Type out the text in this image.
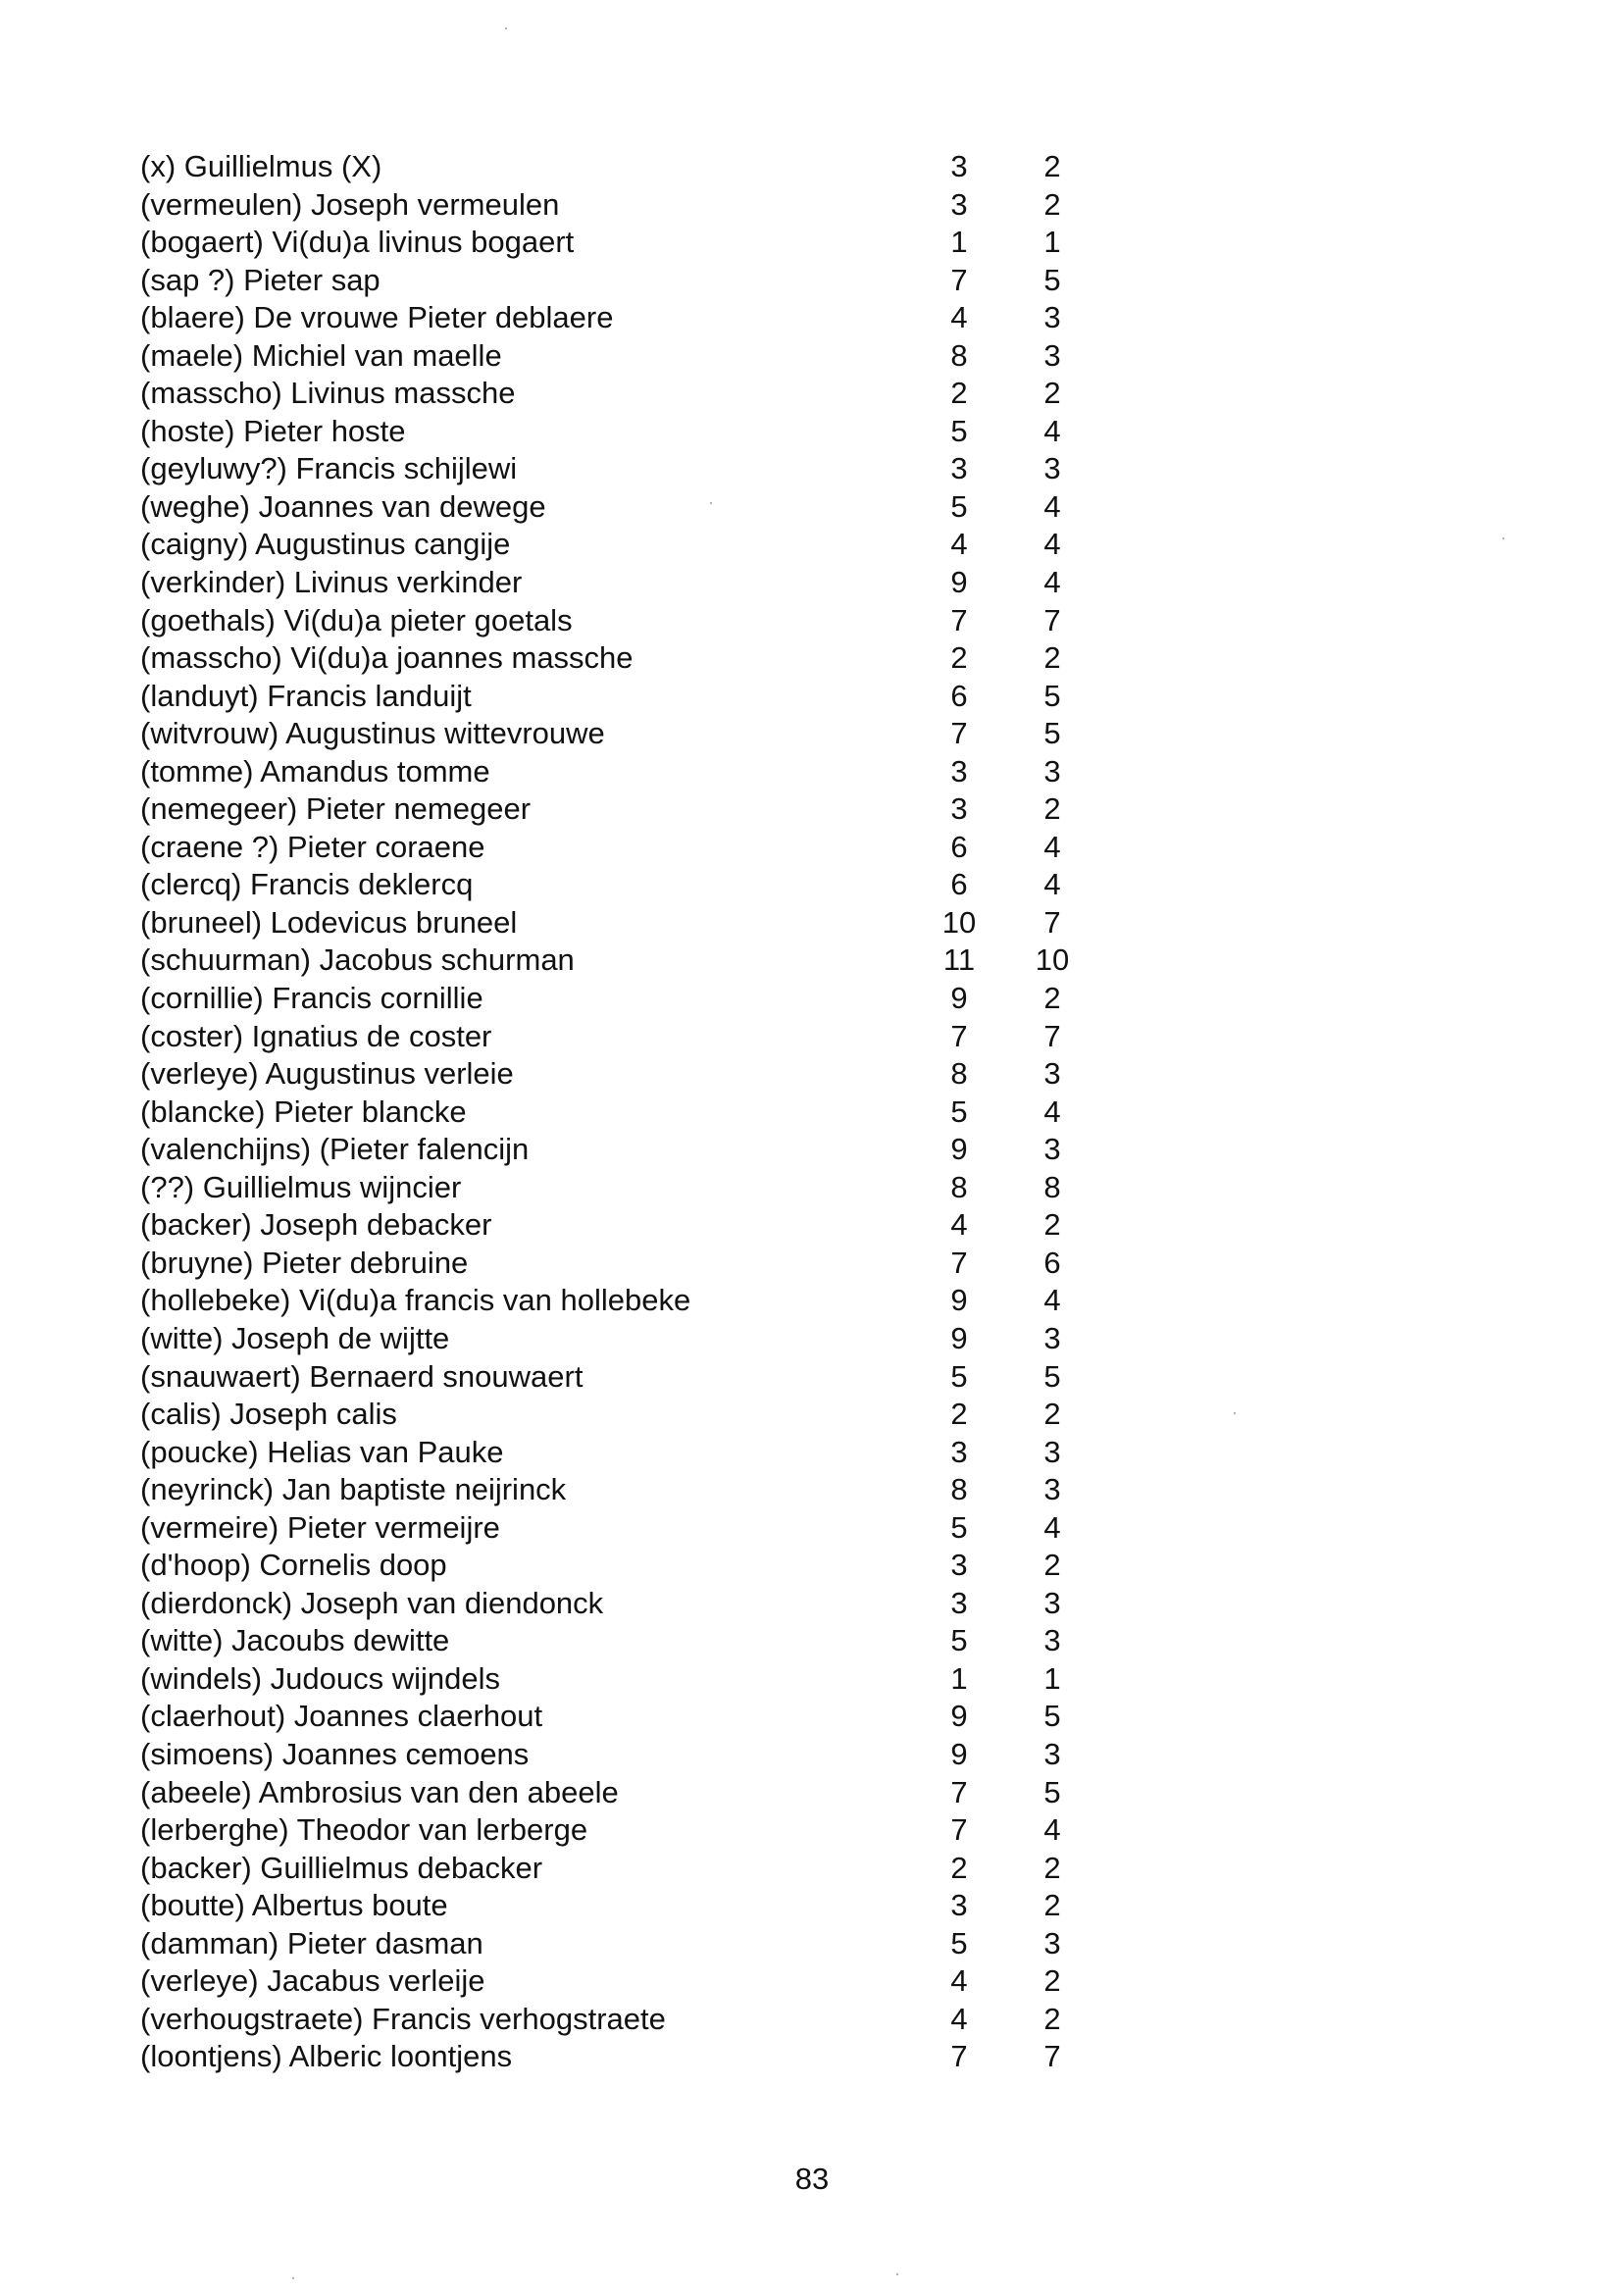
(x) Guillielmus (X)	3	2
(vermeulen) Joseph vermeulen	3	2
(bogaert) Vi(du)a livinus bogaert	1	1
(sap ?) Pieter sap	7	5
(blaere) De vrouwe Pieter deblaere	4	3
(maele) Michiel van maelle	8	3
(masscho) Livinus massche	2	2
(hoste) Pieter hoste	5	4
(geyluwy?) Francis schijlewi	3	3
(weghe) Joannes van dewege	5	4
(caigny) Augustinus cangije	4	4
(verkinder) Livinus verkinder	9	4
(goethals) Vi(du)a pieter goetals	7	7
(masscho) Vi(du)a joannes massche	2	2
(landuyt) Francis landuijt	6	5
(witvrouw) Augustinus wittevrouwe	7	5
(tomme) Amandus tomme	3	3
(nemegeer) Pieter nemegeer	3	2
(craene ?) Pieter coraene	6	4
(clercq) Francis deklercq	6	4
(bruneel) Lodevicus bruneel	10	7
(schuurman) Jacobus schurman	11	10
(cornillie) Francis cornillie	9	2
(coster) Ignatius de coster	7	7
(verleye) Augustinus verleie	8	3
(blancke) Pieter blancke	5	4
(valenchijns) (Pieter falencijn	9	3
(??) Guillielmus wijncier	8	8
(backer) Joseph debacker	4	2
(bruyne) Pieter debruine	7	6
(hollebeke) Vi(du)a francis van hollebeke	9	4
(witte) Joseph de wijtte	9	3
(snauwaert) Bernaerd snouwaert	5	5
(calis) Joseph calis	2	2
(poucke) Helias van Pauke	3	3
(neyrinck) Jan baptiste neijrinck	8	3
(vermeire) Pieter vermeijre	5	4
(d'hoop) Cornelis doop	3	2
(dierdonck) Joseph van diendonck	3	3
(witte) Jacoubs dewitte	5	3
(windels) Judoucs wijndels	1	1
(claerhout) Joannes claerhout	9	5
(simoens) Joannes cemoens	9	3
(abeele) Ambrosius van den abeele	7	5
(lerberghe) Theodor van lerberge	7	4
(backer) Guillielmus debacker	2	2
(boutte) Albertus boute	3	2
(damman) Pieter dasman	5	3
(verleye) Jacabus verleije	4	2
(verhougstraete) Francis verhogstraete	4	2
(loontjens) Alberic loontjens	7	7
83
